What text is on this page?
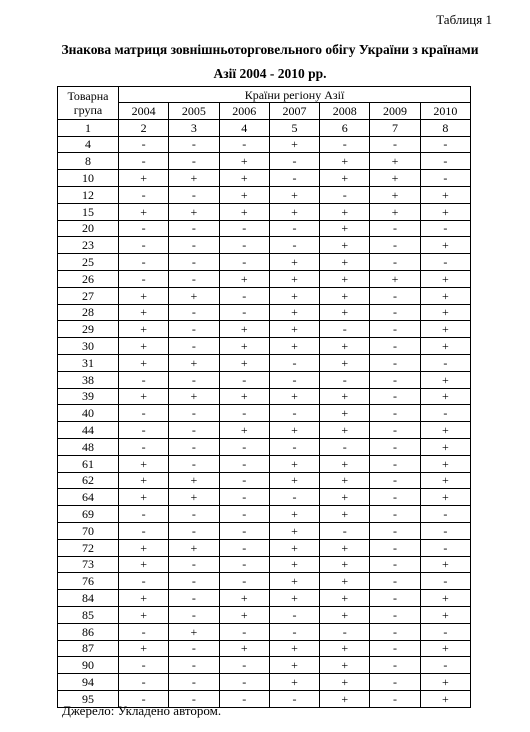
Таблиця 1
Знакова матриця зовнішньоторговельного обігу України з країнами
Азії 2004 - 2010 рр.
Товарна група	Країни регіону Азії						
	2004	2005	2006	2007	2008	2009	2010
1	2	3	4	5	6	7	8
4	-	-	-	+	-	-	-
8	-	-	+	-	+	+	-
10	+	+	+	-	+	+	-
12	-	-	+	+	-	+	+
15	+	+	+	+	+	+	+
20	-	-	-	-	+	-	-
23	-	-	-	-	+	-	+
25	-	-	-	+	+	-	-
26	-	-	+	+	+	+	+
27	+	+	-	+	+	-	+
28	+	-	-	+	+	-	+
29	+	-	+	+	-	-	+
30	+	-	+	+	+	-	+
31	+	+	+	-	+	-	-
38	-	-	-	-	-	-	+
39	+	+	+	+	+	-	+
40	-	-	-	-	+	-	-
44	-	-	+	+	+	-	+
48	-	-	-	-	-	-	+
61	+	-	-	+	+	-	+
62	+	+	-	+	+	-	+
64	+	+	-	-	+	-	+
69	-	-	-	+	+	-	-
70	-	-	-	+	-	-	-
72	+	+	-	+	+	-	-
73	+	-	-	+	+	-	+
76	-	-	-	+	+	-	-
84	+	-	+	+	+	-	+
85	+	-	+	-	+	-	+
86	-	+	-	-	-	-	-
87	+	-	+	+	+	-	+
90	-	-	-	+	+	-	-
94	-	-	-	+	+	-	+
95	-	-	-	-	+	-	+
Джерело: Укладено автором.
